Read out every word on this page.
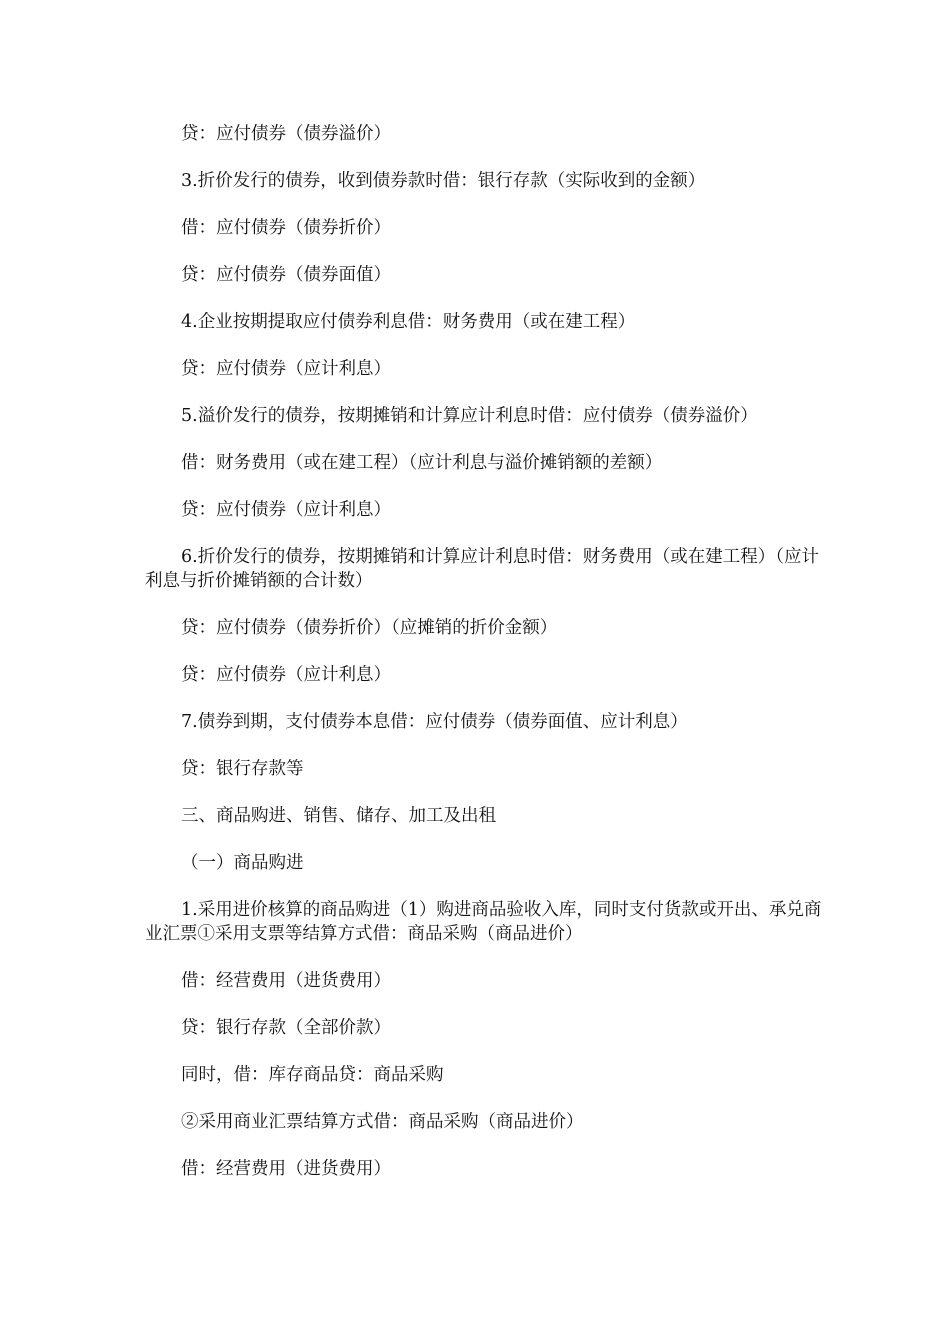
贷：应付债券（债券溢价）

3.折价发行的债券，收到债券款时借：银行存款（实际收到的金额）

借：应付债券（债券折价）

贷：应付债券（债券面值）

4.企业按期提取应付债券利息借：财务费用（或在建工程）

贷：应付债券（应计利息）

5.溢价发行的债券，按期摊销和计算应计利息时借：应付债券（债券溢价）

借：财务费用（或在建工程）（应计利息与溢价摊销额的差额）

贷：应付债券（应计利息）

6.折价发行的债券，按期摊销和计算应计利息时借：财务费用（或在建工程）（应计利息与折价摊销额的合计数）

贷：应付债券（债券折价）（应摊销的折价金额）

贷：应付债券（应计利息）

7.债券到期，支付债券本息借：应付债券（债券面值、应计利息）

贷：银行存款等

三、商品购进、销售、储存、加工及出租

（一）商品购进

1.采用进价核算的商品购进（1）购进商品验收入库，同时支付货款或开出、承兑商业汇票①采用支票等结算方式借：商品采购（商品进价）

借：经营费用（进货费用）

贷：银行存款（全部价款）

同时，借：库存商品贷：商品采购

②采用商业汇票结算方式借：商品采购（商品进价）

借：经营费用（进货费用）
